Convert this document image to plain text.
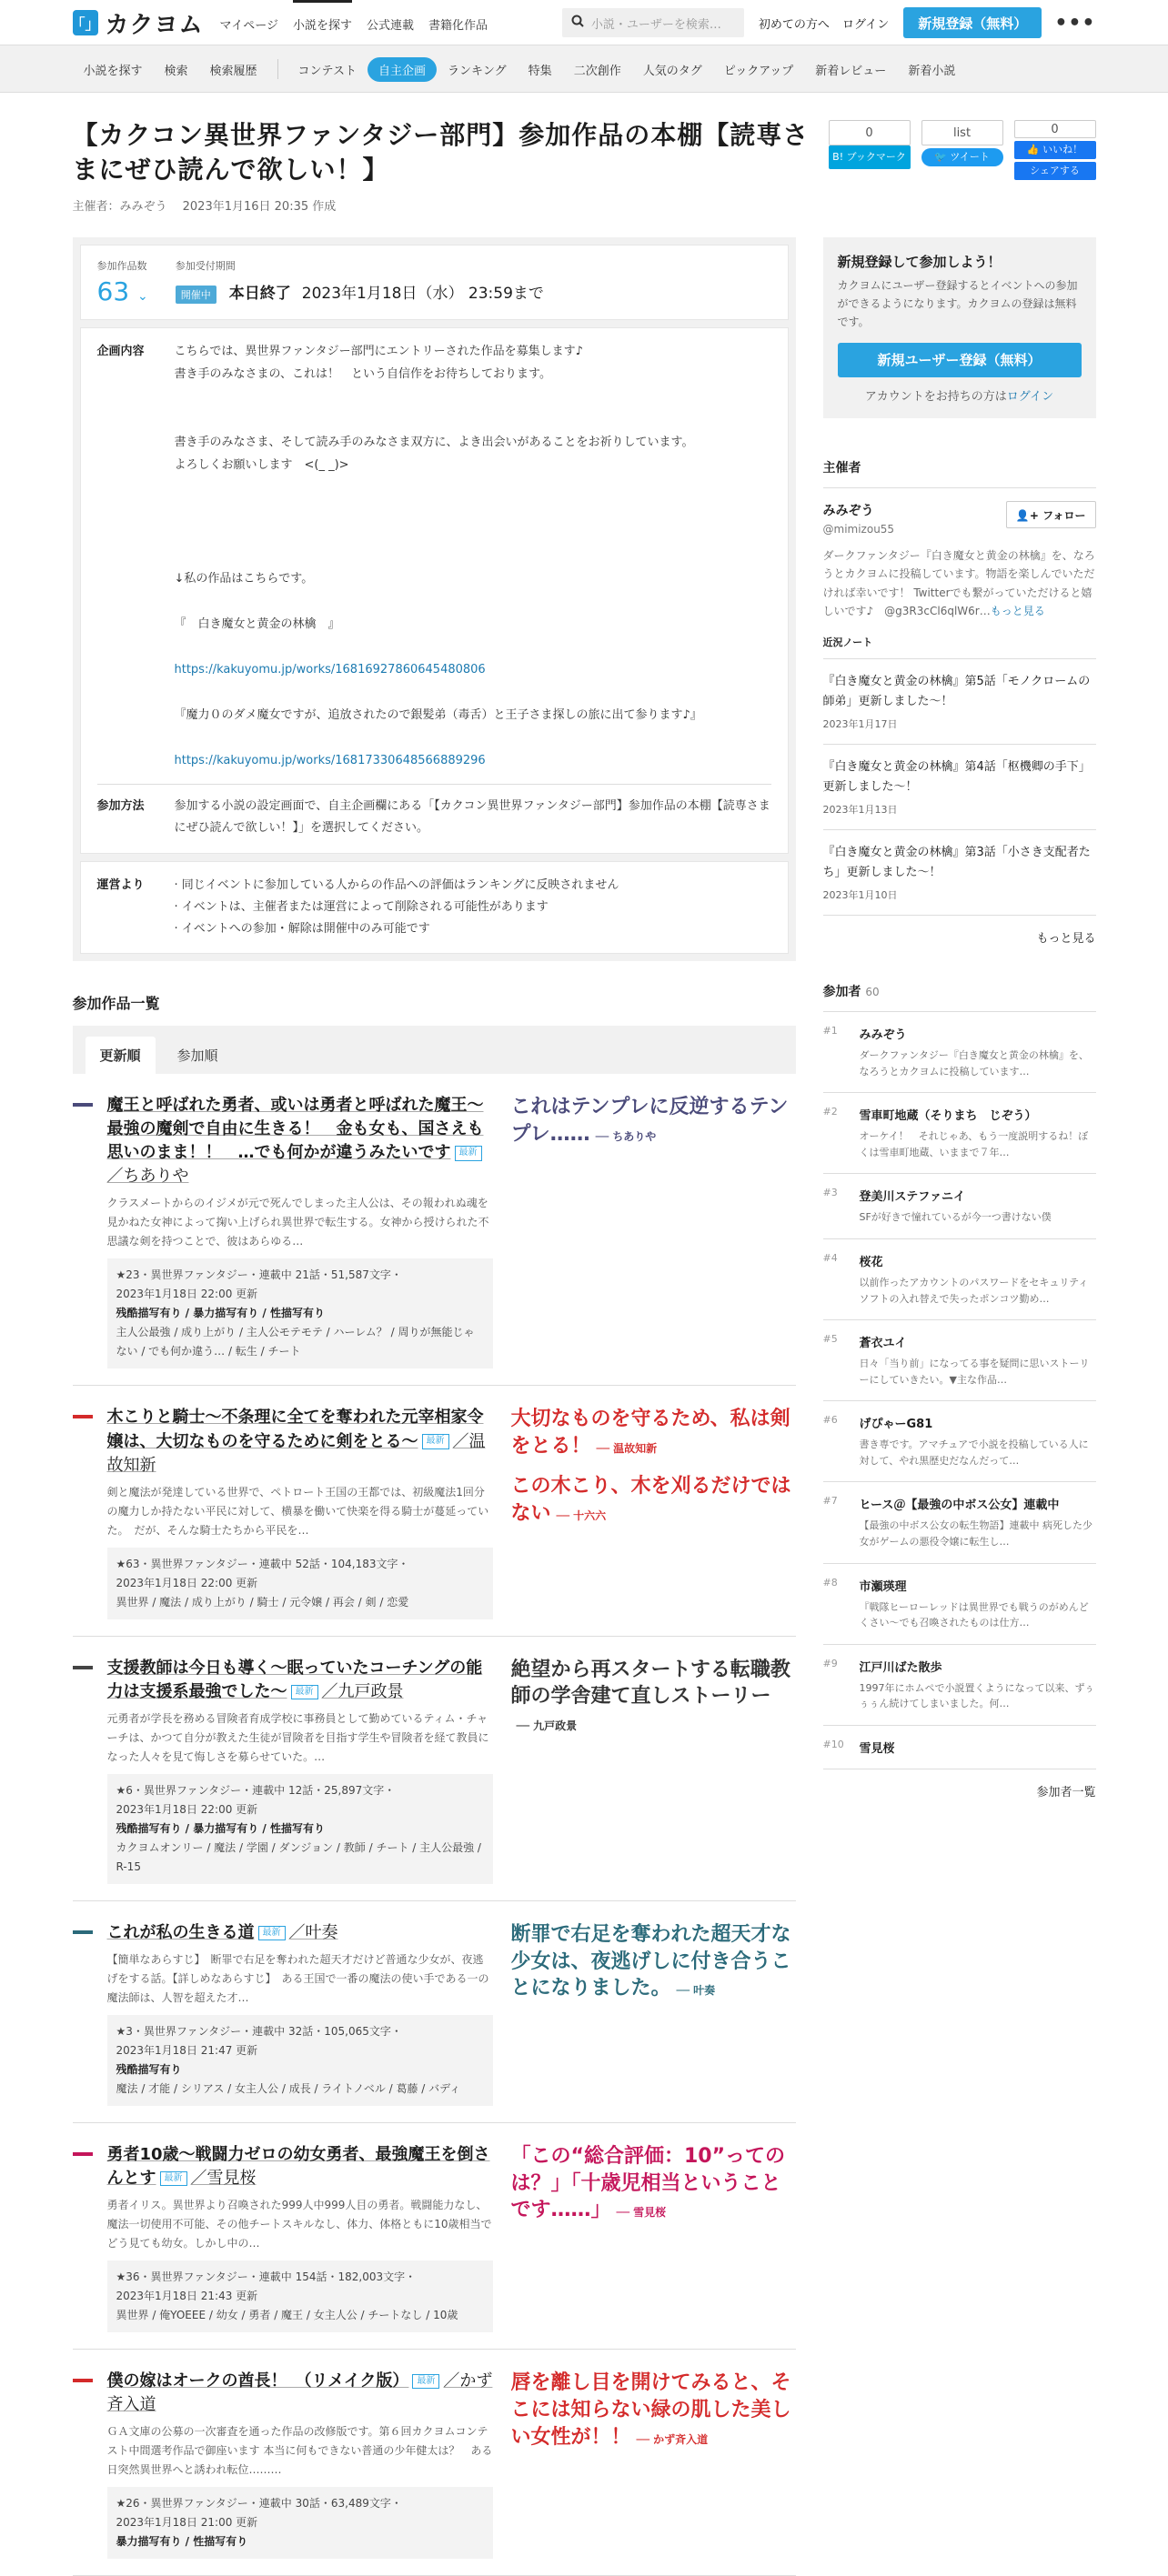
「」 カクヨム マイページ 小説を探す 公式連載 書籍化作品	小説・ユーザーを検索…	初めての方へ ログイン	新規登録（無料）	•••
小説を探す	検索	検索履歴	コンテスト	自主企画	ランキング	特集	二次創作	人気のタグ	ピックアップ	新着レビュー	新着小説
【カクコン異世界ファンタジー部門】参加作品の本棚【読専さまにぜひ読んで欲しい！】
主催者：みみぞう　 2023年1月16日 20:35 作成
0
B! ブックマーク
list
🐦 ツイート
0
👍 いいね！
シェアする
参加作品数
63 ⌄
参加受付期間
開催中 本日終了 2023年1月18日（水） 23:59まで
企画内容	こちらでは、異世界ファンタジー部門にエントリーされた作品を募集します♪

書き手のみなさまの、これは！　という自信作をお待ちしております。

書き手のみなさま、そして読み手のみなさま双方に、よき出会いがあることをお祈りしています。

よろしくお願いします　<(_ _)>

↓私の作品はこちらです。

『　白き魔女と黄金の林檎　』

https://kakuyomu.jp/works/16816927860645480806

『魔力０のダメ魔女ですが、追放されたので銀髪弟（毒舌）と王子さま探しの旅に出て参ります♪』

https://kakuyomu.jp/works/16817330648566889296

参加方法	参加する小説の設定画面で、自主企画欄にある「【カクコン異世界ファンタジー部門】参加作品の本棚【読専さまにぜひ読んで欲しい！】」を選択してください。
運営より	· 同じイベントに参加している人からの作品への評価はランキングに反映されません
· イベントは、主催者または運営によって削除される可能性があります
· イベントへの参加・解除は開催中のみ可能です
参加作品一覧
更新順	参加順
魔王と呼ばれた勇者、或いは勇者と呼ばれた魔王〜最強の魔剣で自由に生きる！　金も女も、国さえも思いのまま！！　…でも何かが違うみたいです 最新／ちありや
クラスメートからのイジメが元で死んでしまった主人公は、その報われぬ魂を見かねた女神によって掬い上げられ異世界で転生する。女神から授けられた不思議な剣を持つことで、彼はあらゆる…
★23・異世界ファンタジー・連載中 21話・51,587文字・
2023年1月18日 22:00 更新
残酷描写有り / 暴力描写有り / 性描写有り
主人公最強 / 成り上がり / 主人公モテモテ / ハーレム？ / 周りが無能じゃない / でも何か違う… / 転生 / チート
これはテンプレに反逆するテンプレ…… ── ちありや
木こりと騎士〜不条理に全てを奪われた元宰相家令嬢は、大切なものを守るために剣をとる〜 最新 ／温故知新
剣と魔法が発達している世界で、ペトロート王国の王都では、初級魔法1回分の魔力しか持たない平民に対して、横暴を働いて快楽を得る騎士が蔓延っていた。　だが、そんな騎士たちから平民を…
★63・異世界ファンタジー・連載中 52話・104,183文字・
2023年1月18日 22:00 更新
異世界 / 魔法 / 成り上がり / 騎士 / 元令嬢 / 再会 / 剣 / 恋愛
大切なものを守るため、私は剣をとる！ ── 温故知新
この木こり、木を刈るだけではない ── 十六六
支援教師は今日も導く～眠っていたコーチングの能力は支援系最強でした～ 最新 ／九戸政景
元勇者が学長を務める冒険者育成学校に事務員として勤めているティム・チャーチは、かつて自分が教えた生徒が冒険者を目指す学生や冒険者を経て教員になった人々を見て悔しさを募らせていた。…
★6・異世界ファンタジー・連載中 12話・25,897文字・
2023年1月18日 22:00 更新
残酷描写有り / 暴力描写有り / 性描写有り
カクヨムオンリー / 魔法 / 学園 / ダンジョン / 教師 / チート / 主人公最強 / R-15
絶望から再スタートする転職教師の学舎建て直しストーリー
── 九戸政景
これが私の生きる道 最新 ／叶奏
【簡単なあらすじ】　断罪で右足を奪われた超天才だけど普通な少女が、夜逃げをする話。【詳しめなあらすじ】　ある王国で一番の魔法の使い手である一の魔法師は、人智を超えた才…
★3・異世界ファンタジー・連載中 32話・105,065文字・
2023年1月18日 21:47 更新
残酷描写有り
魔法 / 才能 / シリアス / 女主人公 / 成長 / ライトノベル / 葛藤 / バディ
断罪で右足を奪われた超天才な少女は、夜逃げしに付き合うことになりました。 ── 叶奏
勇者10歳～戦闘力ゼロの幼女勇者、最強魔王を倒さんとす 最新 ／雪見桜
勇者イリス。異世界より召喚された999人中999人目の勇者。戦闘能力なし、魔法一切使用不可能、その他チートスキルなし、体力、体格ともに10歳相当でどう見ても幼女。しかし中の…
★36・異世界ファンタジー・連載中 154話・182,003文字・
2023年1月18日 21:43 更新
異世界 / 俺YOEEE / 幼女 / 勇者 / 魔王 / 女主人公 / チートなし / 10歳
「この“総合評価：10”ってのは？」「十歳児相当ということです……」 ── 雪見桜
僕の嫁はオークの酋長！　（リメイク版） 最新 ／かず斉入道
ＧＡ文庫の公募の一次審査を通った作品の改修版です。第６回カクヨムコンテスト中間選考作品で御座います 本当に何もできない普通の少年健太は？　ある日突然異世界へと誘われ転位………
★26・異世界ファンタジー・連載中 30話・63,489文字・
2023年1月18日 21:00 更新
暴力描写有り / 性描写有り
唇を離し目を開けてみると、そこには知らない緑の肌した美しい女性が！！ ── かず斉入道
新規登録して参加しよう！

カクヨムにユーザー登録するとイベントへの参加ができるようになります。カクヨムの登録は無料です。

新規ユーザー登録（無料）
アカウントをお持ちの方はログイン
主催者
みみぞう
@mimizou55
👤+ フォロー
ダークファンタジー『白き魔女と黄金の林檎』を、なろうとカクヨムに投稿しています。物語を楽しんでいただければ幸いです！ Twitterでも繋がっていただけると嬉しいです♪　@g3R3cCl6qlW6r…もっと見る
近況ノート
『白き魔女と黄金の林檎』第5話「モノクロームの師弟」更新しました～！
2023年1月17日
『白き魔女と黄金の林檎』第4話「枢機卿の手下」更新しました～！
2023年1月13日
『白き魔女と黄金の林檎』第3話「小さき支配者たち」更新しました～！
2023年1月10日
もっと見る
参加者 60
#1	みみぞう
ダークファンタジー『白き魔女と黄金の林檎』を、なろうとカクヨムに投稿しています…
#2	雪車町地蔵（そりまち　じぞう）
オーケイ！　それじゃあ、もう一度説明するね！ぼくは雪車町地蔵、いままで７年…
#3	登美川ステファニイ
SFが好きで憧れているが今一つ書けない僕
#4	桜花
以前作ったアカウントのパスワードをセキュリティソフトの入れ替えで失ったポンコツ勤め…
#5	蒼衣ユイ
日々「当り前」になってる事を疑問に思いストーリーにしていきたい。▼主な作品…
#6	げぴゃーG81
書き専です。アマチュアで小説を投稿している人に対して、やれ黒歴史だなんだって…
#7	ヒース＠【最強の中ボス公女】連載中
【最強の中ボス公女の転生物語】連載中 病死した少女がゲームの悪役令嬢に転生し…
#8	市瀬瑛理
『戦隊ヒーローレッドは異世界でも戦うのがめんどくさい〜でも召喚されたものは仕方…
#9	江戸川ばた散歩
1997年にホムペで小説置くようになって以来、ずぅぅぅん続けてしまいました。何…
#10 雪見桜
参加者一覧
